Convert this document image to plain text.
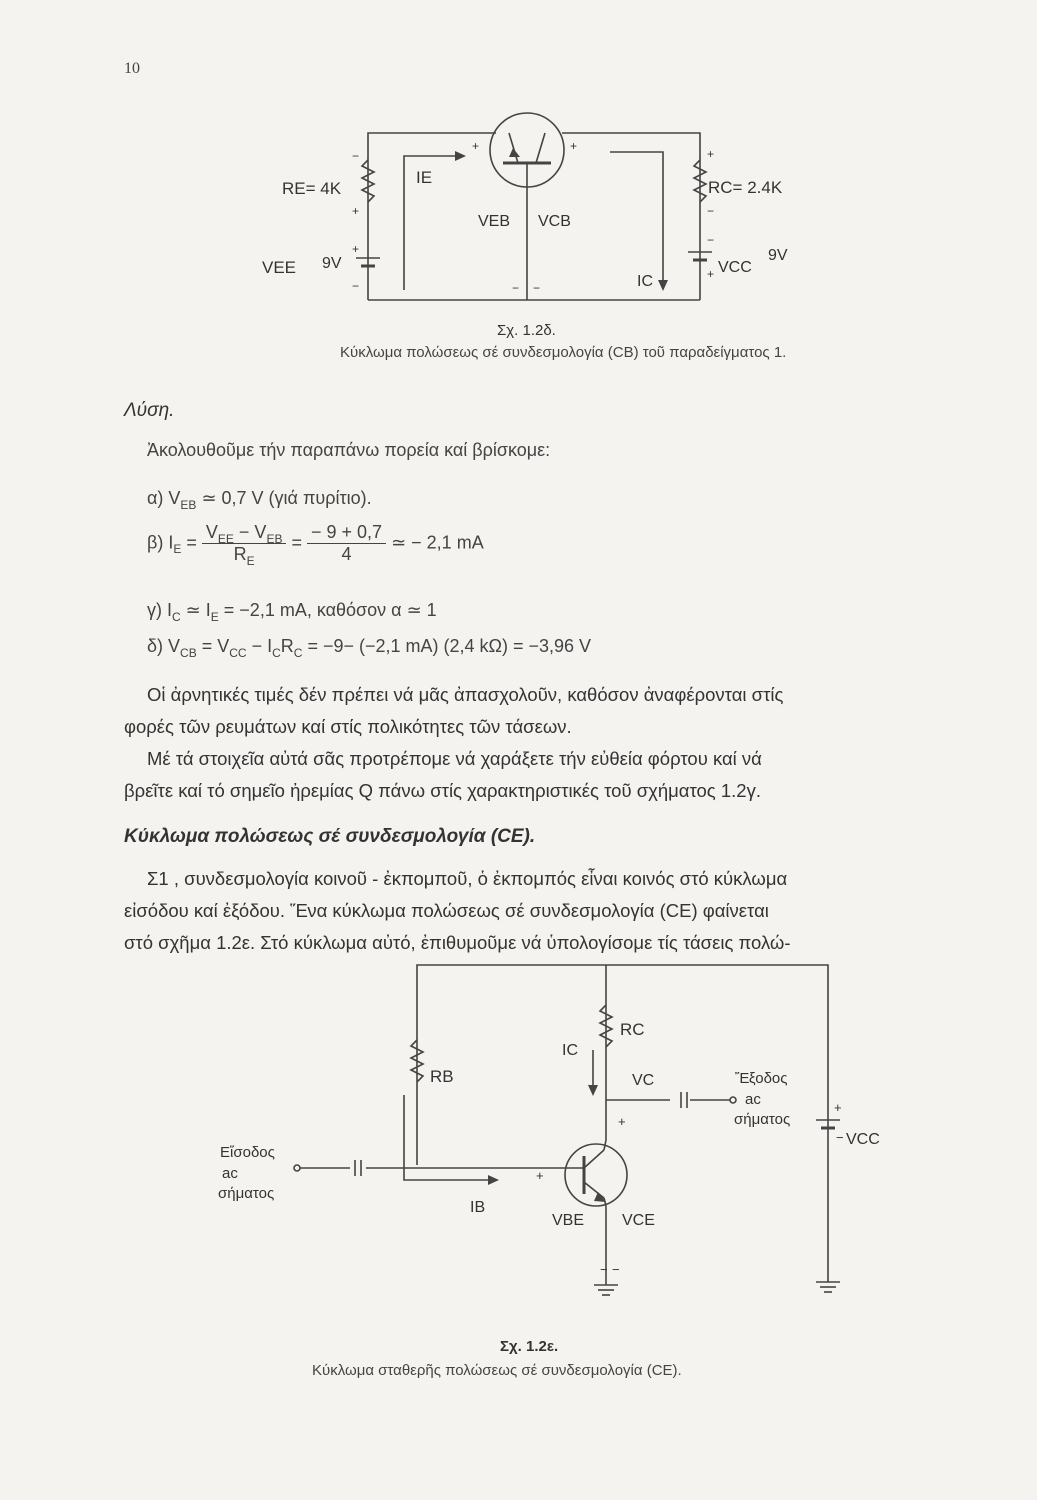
10
−
+
+
−
+	+
+
−
−
+
− −
RE= 4K
IE
VEB VCB
RC= 2.4K
VEE 9V
IC
VCC
9V
Σχ. 1.2δ.
Κύκλωμα πολώσεως σέ συνδεσμολογία (CB) τοῦ παραδείγματος 1.
Λύση.
Ἀκολουθοῦμε τήν παραπάνω πορεία καί βρίσκομε:
α) $V_{EB}$ ≃ 0,7 V (γιά πυρίτιο).
β) $I_E = \frac{V_{EE} - V_{EB}}{R_E} = \frac{- 9 + 0,7}{4}$ ≃ − 2,1 mA
γ) $I_C$ ≃ $I_E = -2,1$ mA, καθόσον α ≃ 1
δ) $V_{CB} = V_{CC} - I_CR_C = -9- (-2,1$ mA) (2,4 kΩ) = −3,96 V
Οἱ ἀρνητικές τιμές δέν πρέπει νά μᾶς ἀπασχολοῦν, καθόσον ἀναφέρονται στίς
φορές τῶν ρευμάτων καί στίς πολικότητες τῶν τάσεων.
Μέ τά στοιχεῖα αὐτά σᾶς προτρέπομε νά χαράξετε τήν εὐθεία φόρτου καί νά
βρεῖτε καί τό σημεῖο ἠρεμίας Q πάνω στίς χαρακτηριστικές τοῦ σχήματος 1.2γ.
Κύκλωμα πολώσεως σέ συνδεσμολογία (CE).
Σ1 , συνδεσμολογία κοινοῦ - ἐκπομποῦ, ὁ ἐκπομπός εἶναι κοινός στό κύκλωμα
εἰσόδου καί ἐξόδου. Ἕνα κύκλωμα πολώσεως σέ συνδεσμολογία (CE) φαίνεται
στό σχῆμα 1.2ε. Στό κύκλωμα αὐτό, ἐπιθυμοῦμε νά ὑπολογίσομε τίς τάσεις πολώ-
+
+
+
−
− −
RC
RB
IC
VC	Ἔξοδος
ac
σήματος
VCC
Εἴσοδος
ac
σήματος
IB
VBE VCE
Σχ. 1.2ε.
Κύκλωμα σταθερῆς πολώσεως σέ συνδεσμολογία (CE).
